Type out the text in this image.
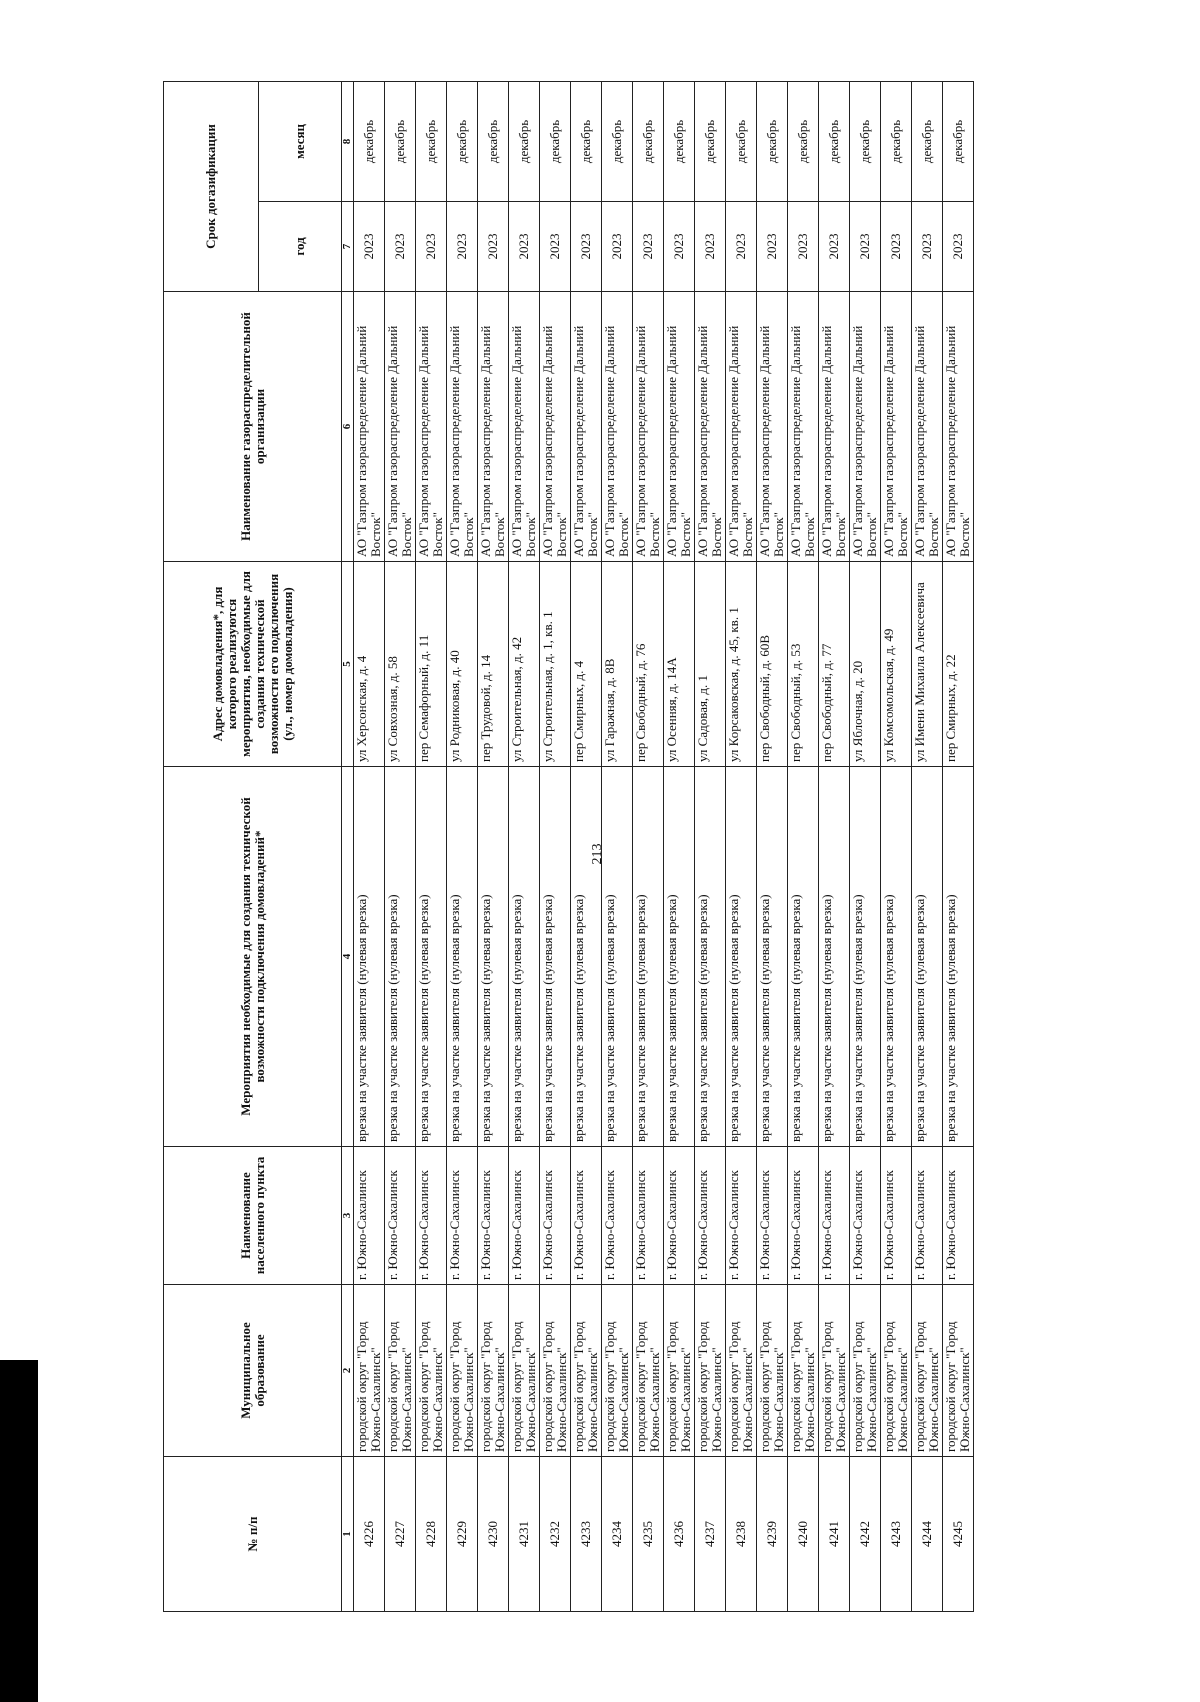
213
№ п/п	Муниципальное образование	Наименование населенного пункта	Мероприятия необходимые для создания технической возможности подключения домовладений*	Адрес домовладения*, для которого реализуются мероприятия, необходимые для создания технической возможности его подключения (ул., номер домовладения)	Наименование газораспределительной организации	Срок догазификации	
						год	месяц
1	2	3	4	5	6	7	8
4226	городской округ "Город Южно-Сахалинск"	г. Южно-Сахалинск	врезка на участке заявителя (нулевая врезка)	ул Херсонская, д. 4	АО "Газпром газораспределение Дальний Восток"	2023	декабрь
4227	городской округ "Город Южно-Сахалинск"	г. Южно-Сахалинск	врезка на участке заявителя (нулевая врезка)	ул Совхозная, д. 58	АО "Газпром газораспределение Дальний Восток"	2023	декабрь
4228	городской округ "Город Южно-Сахалинск"	г. Южно-Сахалинск	врезка на участке заявителя (нулевая врезка)	пер Семафорный, д. 11	АО "Газпром газораспределение Дальний Восток"	2023	декабрь
4229	городской округ "Город Южно-Сахалинск"	г. Южно-Сахалинск	врезка на участке заявителя (нулевая врезка)	ул Родниковая, д. 40	АО "Газпром газораспределение Дальний Восток"	2023	декабрь
4230	городской округ "Город Южно-Сахалинск"	г. Южно-Сахалинск	врезка на участке заявителя (нулевая врезка)	пер Трудовой, д. 14	АО "Газпром газораспределение Дальний Восток"	2023	декабрь
4231	городской округ "Город Южно-Сахалинск"	г. Южно-Сахалинск	врезка на участке заявителя (нулевая врезка)	ул Строительная, д. 42	АО "Газпром газораспределение Дальний Восток"	2023	декабрь
4232	городской округ "Город Южно-Сахалинск"	г. Южно-Сахалинск	врезка на участке заявителя (нулевая врезка)	ул Строительная, д. 1, кв. 1	АО "Газпром газораспределение Дальний Восток"	2023	декабрь
4233	городской округ "Город Южно-Сахалинск"	г. Южно-Сахалинск	врезка на участке заявителя (нулевая врезка)	пер Смирных, д. 4	АО "Газпром газораспределение Дальний Восток"	2023	декабрь
4234	городской округ "Город Южно-Сахалинск"	г. Южно-Сахалинск	врезка на участке заявителя (нулевая врезка)	ул Гаражная, д. 8В	АО "Газпром газораспределение Дальний Восток"	2023	декабрь
4235	городской округ "Город Южно-Сахалинск"	г. Южно-Сахалинск	врезка на участке заявителя (нулевая врезка)	пер Свободный, д. 76	АО "Газпром газораспределение Дальний Восток"	2023	декабрь
4236	городской округ "Город Южно-Сахалинск"	г. Южно-Сахалинск	врезка на участке заявителя (нулевая врезка)	ул Осенняя, д. 14А	АО "Газпром газораспределение Дальний Восток"	2023	декабрь
4237	городской округ "Город Южно-Сахалинск"	г. Южно-Сахалинск	врезка на участке заявителя (нулевая врезка)	ул Садовая, д. 1	АО "Газпром газораспределение Дальний Восток"	2023	декабрь
4238	городской округ "Город Южно-Сахалинск"	г. Южно-Сахалинск	врезка на участке заявителя (нулевая врезка)	ул Корсаковская, д. 45, кв. 1	АО "Газпром газораспределение Дальний Восток"	2023	декабрь
4239	городской округ "Город Южно-Сахалинск"	г. Южно-Сахалинск	врезка на участке заявителя (нулевая врезка)	пер Свободный, д. 60В	АО "Газпром газораспределение Дальний Восток"	2023	декабрь
4240	городской округ "Город Южно-Сахалинск"	г. Южно-Сахалинск	врезка на участке заявителя (нулевая врезка)	пер Свободный, д. 53	АО "Газпром газораспределение Дальний Восток"	2023	декабрь
4241	городской округ "Город Южно-Сахалинск"	г. Южно-Сахалинск	врезка на участке заявителя (нулевая врезка)	пер Свободный, д. 77	АО "Газпром газораспределение Дальний Восток"	2023	декабрь
4242	городской округ "Город Южно-Сахалинск"	г. Южно-Сахалинск	врезка на участке заявителя (нулевая врезка)	ул Яблочная, д. 20	АО "Газпром газораспределение Дальний Восток"	2023	декабрь
4243	городской округ "Город Южно-Сахалинск"	г. Южно-Сахалинск	врезка на участке заявителя (нулевая врезка)	ул Комсомольская, д. 49	АО "Газпром газораспределение Дальний Восток"	2023	декабрь
4244	городской округ "Город Южно-Сахалинск"	г. Южно-Сахалинск	врезка на участке заявителя (нулевая врезка)	ул Имени Михаила Алексеевича	АО "Газпром газораспределение Дальний Восток"	2023	декабрь
4245	городской округ "Город Южно-Сахалинск"	г. Южно-Сахалинск	врезка на участке заявителя (нулевая врезка)	пер Смирных, д. 22	АО "Газпром газораспределение Дальний Восток"	2023	декабрь
